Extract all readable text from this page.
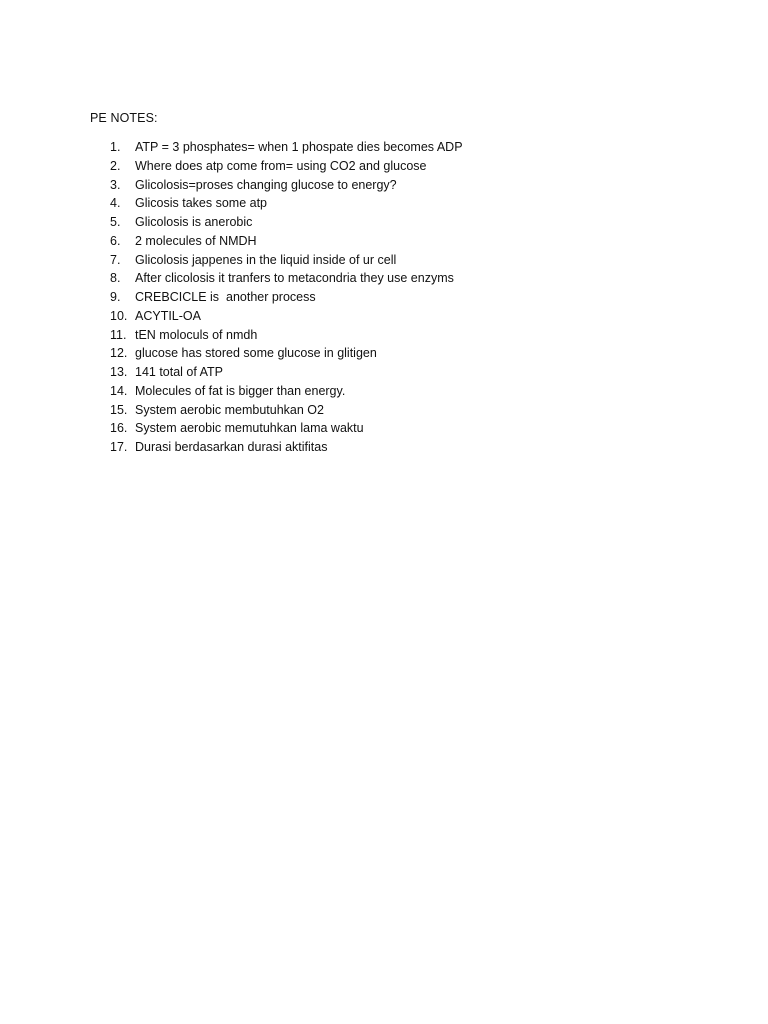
PE NOTES:
1. ATP = 3 phosphates= when 1 phospate dies becomes ADP
2. Where does atp come from= using CO2 and glucose
3. Glicolosis=proses changing glucose to energy?
4. Glicosis takes some atp
5. Glicolosis is anerobic
6. 2 molecules of NMDH
7. Glicolosis jappenes in the liquid inside of ur cell
8. After clicolosis it tranfers to metacondria they use enzyms
9. CREBCICLE is  another process
10. ACYTIL-OA
11. tEN moloculs of nmdh
12. glucose has stored some glucose in glitigen
13. 141 total of ATP
14. Molecules of fat is bigger than energy.
15. System aerobic membutuhkan O2
16. System aerobic memutuhkan lama waktu
17. Durasi berdasarkan durasi aktifitas
